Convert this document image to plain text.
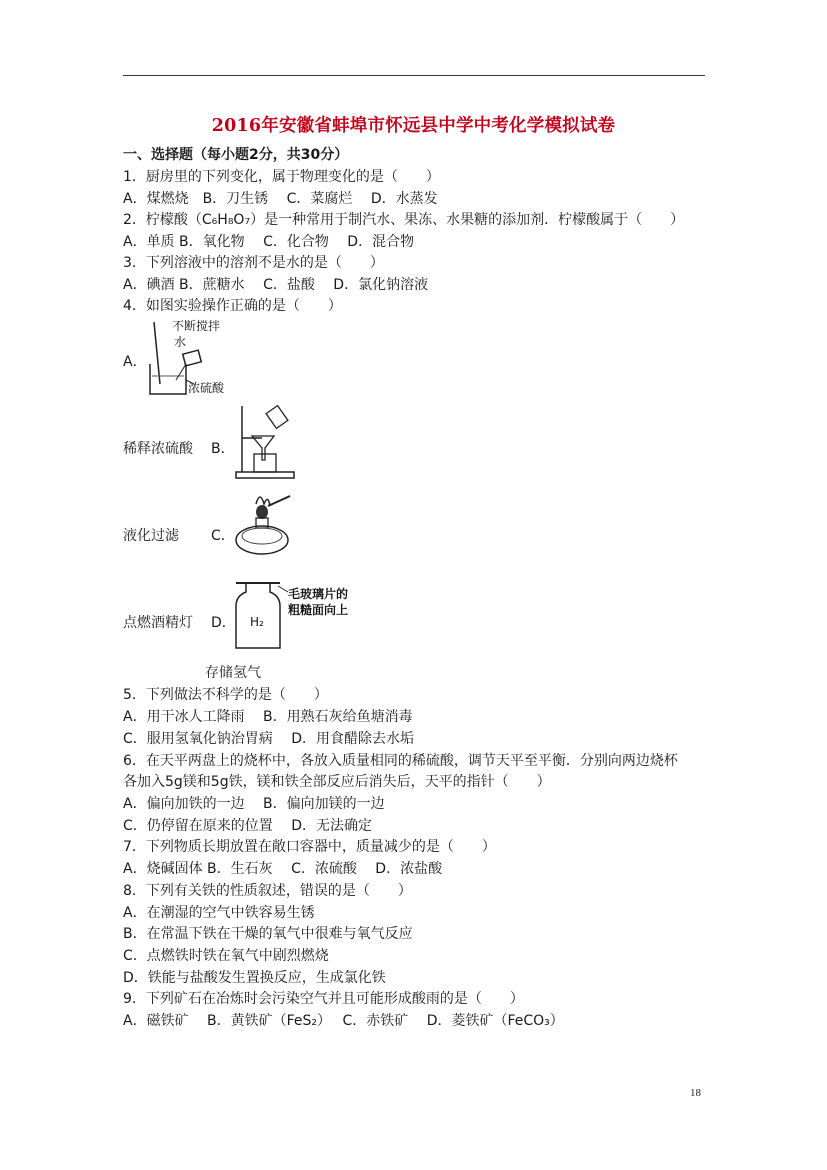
2016年安徽省蚌埠市怀远县中学中考化学模拟试卷
一、选择题（每小题2分，共30分）
1．厨房里的下列变化，属于物理变化的是（　　）
A．煤燃烧　B．刀生锈　 C．菜腐烂　 D．水蒸发
2．柠檬酸（C₆H₈O₇）是一种常用于制汽水、果冻、水果糖的添加剂．柠檬酸属于（　　）
A．单质 B．氧化物　 C．化合物　 D．混合物
3．下列溶液中的溶剂不是水的是（　　）
A．碘酒 B．蔗糖水　 C．盐酸　 D．氯化钠溶液
4．如图实验操作正确的是（　　）
A．
不断搅拌
水
浓硫酸
稀释浓硫酸 B．
液化过滤 C．
点燃酒精灯 D． H₂
毛玻璃片的
粗糙面向上
存储氢气
5．下列做法不科学的是（　　）
A．用干冰人工降雨　 B．用熟石灰给鱼塘消毒
C．服用氢氧化钠治胃病　 D．用食醋除去水垢
6．在天平两盘上的烧杯中，各放入质量相同的稀硫酸，调节天平至平衡．分别向两边烧杯
各加入5g镁和5g铁，镁和铁全部反应后消失后，天平的指针（　　）
A．偏向加铁的一边　 B．偏向加镁的一边
C．仍停留在原来的位置　 D．无法确定
7．下列物质长期放置在敞口容器中，质量减少的是（　　）
A．烧碱固体 B．生石灰　 C．浓硫酸　 D．浓盐酸
8．下列有关铁的性质叙述，错误的是（　　）
A．在潮湿的空气中铁容易生锈
B．在常温下铁在干燥的氧气中很难与氧气反应
C．点燃铁时铁在氧气中剧烈燃烧
D．铁能与盐酸发生置换反应，生成氯化铁
9．下列矿石在冶炼时会污染空气并且可能形成酸雨的是（　　）
A．磁铁矿　 B．黄铁矿（FeS₂）　 C．赤铁矿　 D．菱铁矿（FeCO₃）
18
